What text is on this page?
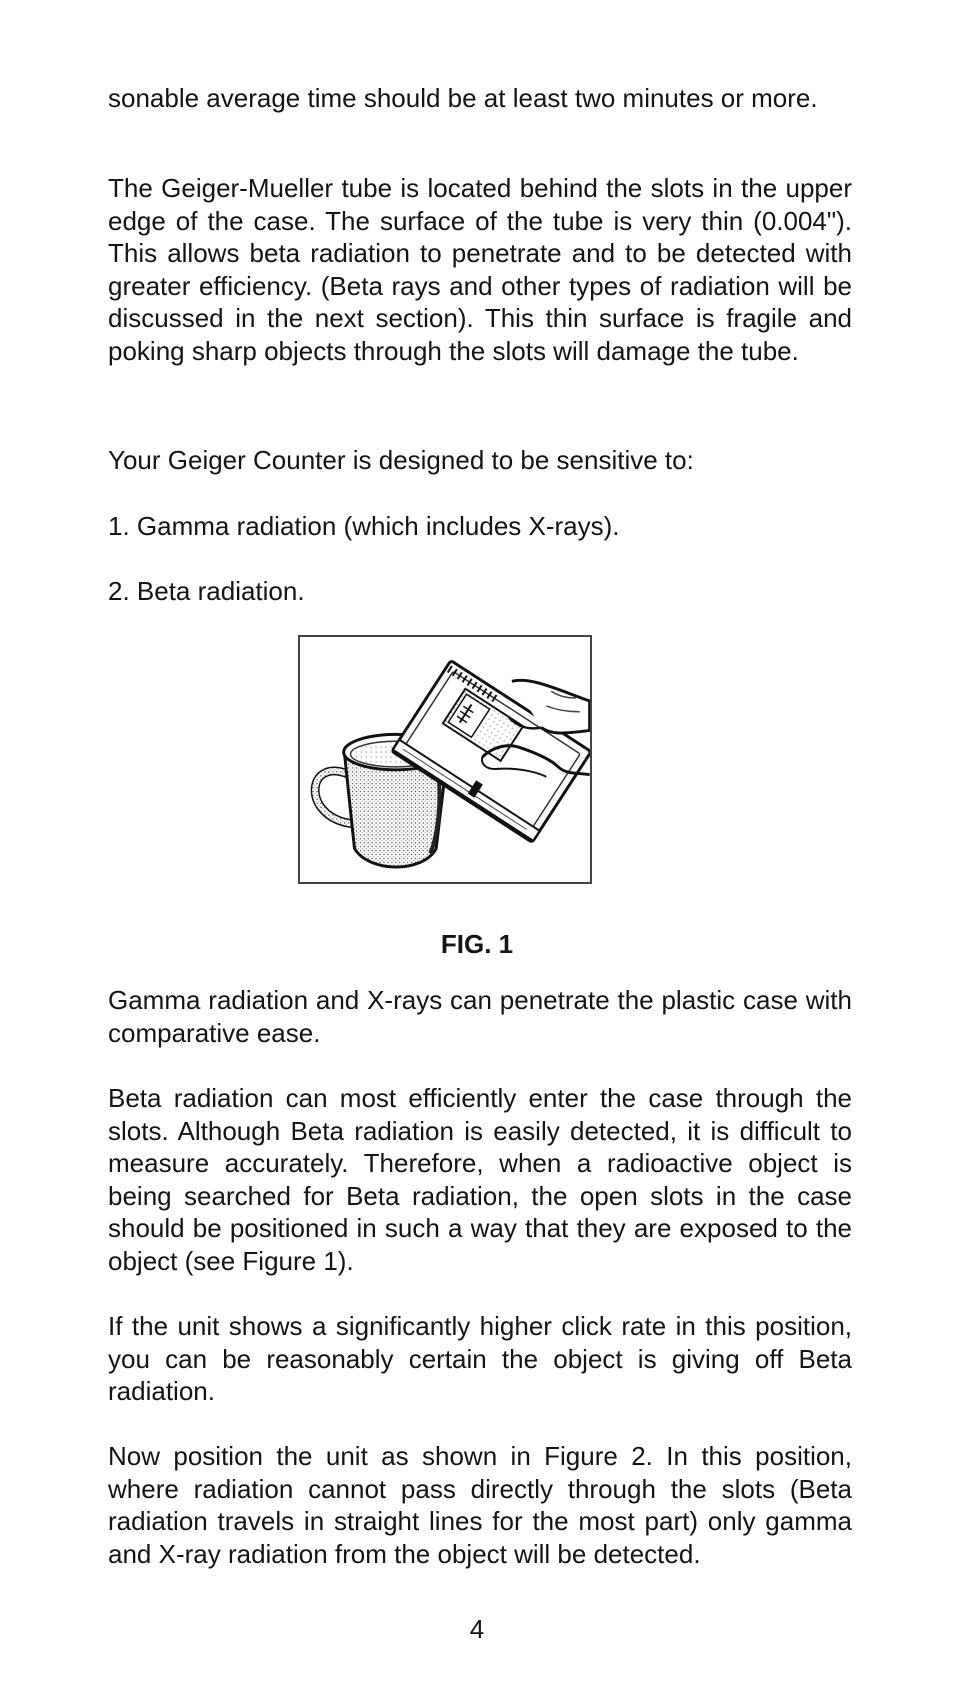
sonable average time should be at least two minutes or more.

The Geiger-Mueller tube is located behind the slots in the upper edge of the case. The surface of the tube is very thin (0.004"). This allows beta radiation to penetrate and to be detected with greater efficiency. (Beta rays and other types of radiation will be discussed in the next section). This thin surface is fragile and poking sharp objects through the slots will damage the tube.

Your Geiger Counter is designed to be sensitive to:

1. Gamma radiation (which includes X-rays).

2. Beta radiation.

FIG. 1

Gamma radiation and X-rays can penetrate the plastic case with comparative ease.

Beta radiation can most efficiently enter the case through the slots. Although Beta radiation is easily detected, it is difficult to measure accurately. Therefore, when a radioactive object is being searched for Beta radiation, the open slots in the case should be positioned in such a way that they are exposed to the object (see Figure 1).

If the unit shows a significantly higher click rate in this position, you can be reasonably certain the object is giving off Beta radiation.

Now position the unit as shown in Figure 2. In this position, where radiation cannot pass directly through the slots (Beta radiation travels in straight lines for the most part) only gamma and X-ray radiation from the object will be detected.

4
